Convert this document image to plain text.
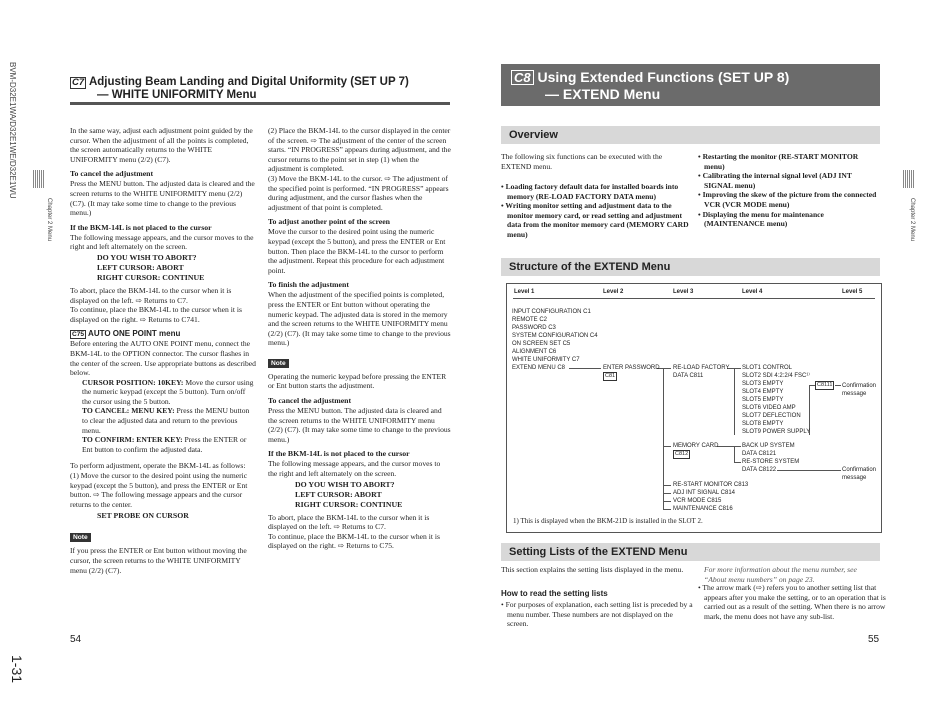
BVM-D32E1WA/D32E1WE/D32E1WU
Chapter 2 Menu
1-31
Chapter 2 Menu
C7 Adjusting Beam Landing and Digital Uniformity (SET UP 7)
— WHITE UNIFORMITY Menu
In the same way, adjust each adjustment point guided by the cursor. When the adjustment of all the points is completed, the screen automatically returns to the WHITE UNIFORMITY menu (2/2) (C7).
To cancel the adjustment
Press the MENU button. The adjusted data is cleared and the screen returns to the WHITE UNIFORMITY menu (2/2) (C7). (It may take some time to change to the previous menu.)
If the BKM-14L is not placed to the cursor
The following message appears, and the cursor moves to the right and left alternately on the screen.
DO YOU WISH TO ABORT?
LEFT CURSOR: ABORT
RIGHT CURSOR: CONTINUE
To abort, place the BKM-14L to the cursor when it is displayed on the left. ⇨ Returns to C7.
To continue, place the BKM-14L to the cursor when it is displayed on the right. ⇨ Returns to C741.
C75 AUTO ONE POINT menu
Before entering the AUTO ONE POINT menu, connect the BKM-14L to the OPTION connector. The cursor flashes in the center of the screen. Use appropriate buttons as described below.
CURSOR POSITION: 10KEY: Move the cursor using the numeric keypad (except the 5 button). Turn on/off the cursor using the 5 button.
TO CANCEL: MENU KEY: Press the MENU button to clear the adjusted data and return to the previous menu.
TO CONFIRM: ENTER KEY: Press the ENTER or Ent button to confirm the adjusted data.
To perform adjustment, operate the BKM-14L as follows:
(1) Move the cursor to the desired point using the numeric keypad (except the 5 button), and press the ENTER or Ent button. ⇨ The following message appears and the cursor returns to the center.
SET PROBE ON CURSOR
Note
If you press the ENTER or Ent button without moving the cursor, the screen returns to the WHITE UNIFORMITY menu (2/2) (C7).
(2) Place the BKM-14L to the cursor displayed in the center of the screen. ⇨ The adjustment of the center of the screen starts. “IN PROGRESS” appears during adjustment, and the cursor returns to the point set in step (1) when the adjustment is completed.
(3) Move the BKM-14L to the cursor. ⇨ The adjustment of the specified point is performed. “IN PROGRESS” appears during adjustment, and the cursor flashes when the adjustment of that point is completed.
To adjust another point of the screen
Move the cursor to the desired point using the numeric keypad (except the 5 button), and press the ENTER or Ent button. Then place the BKM-14L to the cursor to perform the adjustment. Repeat this procedure for each adjustment point.
To finish the adjustment
When the adjustment of the specified points is completed, press the ENTER or Ent button without operating the numeric keypad. The adjusted data is stored in the memory and the screen returns to the WHITE UNIFORMITY menu (2/2) (C7). (It may take some time to change to the previous menu.)
Note
Operating the numeric keypad before pressing the ENTER or Ent button starts the adjustment.
To cancel the adjustment
Press the MENU button. The adjusted data is cleared and the screen returns to the WHITE UNIFORMITY menu (2/2) (C7). (It may take some time to change to the previous menu.)
If the BKM-14L is not placed to the cursor
The following message appears, and the cursor moves to the right and left alternately on the screen.
DO YOU WISH TO ABORT?
LEFT CURSOR: ABORT
RIGHT CURSOR: CONTINUE
To abort, place the BKM-14L to the cursor when it is displayed on the left. ⇨ Returns to C7.
To continue, place the BKM-14L to the cursor when it is displayed on the right. ⇨ Returns to C75.
54
C8 Using Extended Functions (SET UP 8)
— EXTEND Menu
Overview
The following six functions can be executed with the EXTEND menu.
• Loading factory default data for installed boards into memory (RE-LOAD FACTORY DATA menu)
• Writing monitor setting and adjustment data to the monitor memory card, or read setting and adjustment data from the monitor memory card (MEMORY CARD menu)
• Restarting the monitor (RE-START MONITOR menu)
• Calibrating the internal signal level (ADJ INT SIGNAL menu)
• Improving the skew of the picture from the connected VCR (VCR MODE menu)
• Displaying the menu for maintenance (MAINTENANCE menu)
Structure of the EXTEND Menu
Level 1	Level 2	Level 3	Level 4	Level 5
INPUT CONFIGURATION C1
REMOTE C2
PASSWORD C3
SYSTEM CONFIGURATION C4
ON SCREEN SET C5
ALIGNMENT C6
WHITE UNIFORMITY C7
EXTEND MENU C8	ENTER PASSWORD
C81
RE-LOAD FACTORY
DATA C811
MEMORY CARD
C812
RE-START MONITOR C813
ADJ INT SIGNAL C814
VCR MODE C815
MAINTENANCE C816
SLOT1 CONTROL
SLOT2 SDI 4:2:2/4 FSC¹⁾
SLOT3 EMPTY
SLOT4 EMPTY
SLOT5 EMPTY
SLOT6 VIDEO AMP
SLOT7 DEFLECTION
SLOT8 EMPTY
SLOT9 POWER SUPPLY
C8111	Confirmation
message
BACK UP SYSTEM
DATA C8121
RE-STORE SYSTEM
DATA C8122	Confirmation
message
1) This is displayed when the BKM-21D is installed in the SLOT 2.
Setting Lists of the EXTEND Menu
This section explains the setting lists displayed in the menu.
How to read the setting lists
• For purposes of explanation, each setting list is preceded by a menu number. These numbers are not displayed on the screen.
For more information about the menu number, see “About menu numbers” on page 23.
• The arrow mark (⇨) refers you to another setting list that appears after you make the setting, or to an operation that is carried out as a result of the setting. When there is no arrow mark, the menu does not have any sub-list.
55
